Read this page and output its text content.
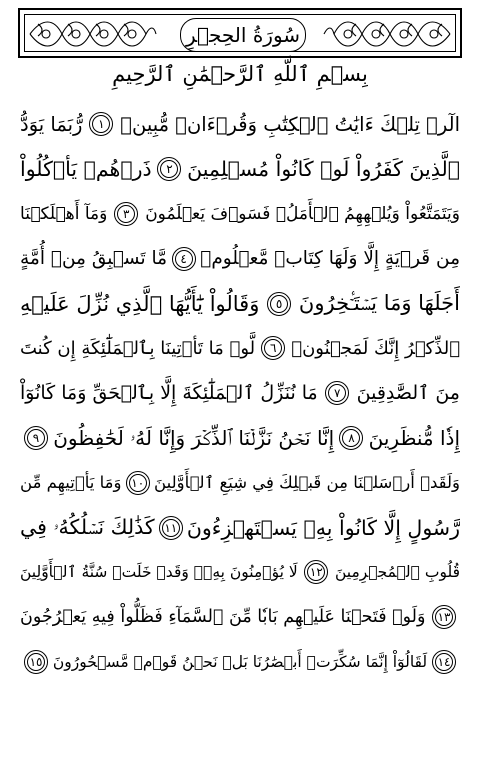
سُورَةُ الحِجۡرِ
بِسۡمِ ٱللَّهِ ٱلرَّحۡمَٰنِ ٱلرَّحِيمِ
الٓرۚ تِلۡكَ ءَايَٰتُ ٱلۡكِتَٰبِ وَقُرۡءَانٖ مُّبِينٖ
١
رُّبَمَا يَوَدُّ
ٱلَّذِينَ كَفَرُواْ لَوۡ كَانُواْ مُسۡلِمِينَ
٢
ذَرۡهُمۡ يَأۡكُلُواْ
وَيَتَمَتَّعُواْ وَيُلۡهِهِمُ ٱلۡأَمَلُۖ فَسَوۡفَ يَعۡلَمُونَ
٣
وَمَآ أَهۡلَكۡنَا
مِن قَرۡيَةٍ إِلَّا وَلَهَا كِتَابٞ مَّعۡلُومٞ
٤
مَّا تَسۡبِقُ مِنۡ أُمَّةٍ
أَجَلَهَا وَمَا يَسۡتَـٔۡخِرُونَ
٥
وَقَالُواْ يَٰٓأَيُّهَا ٱلَّذِي نُزِّلَ عَلَيۡهِ
ٱلذِّكۡرُ إِنَّكَ لَمَجۡنُونٞ
٦
لَّوۡ مَا تَأۡتِينَا بِٱلۡمَلَٰٓئِكَةِ إِن كُنتَ
مِنَ ٱلصَّٰدِقِينَ
٧
مَا نُنَزِّلُ ٱلۡمَلَٰٓئِكَةَ إِلَّا بِٱلۡحَقِّ وَمَا كَانُوٓاْ
إِذٗا مُّنظَرِينَ
٨
إِنَّا نَحۡنُ نَزَّلۡنَا ٱلذِّكۡرَ وَإِنَّا لَهُۥ لَحَٰفِظُونَ
٩
وَلَقَدۡ أَرۡسَلۡنَا مِن قَبۡلِكَ فِي شِيَعِ ٱلۡأَوَّلِينَ
١٠
وَمَا يَأۡتِيهِم مِّن
رَّسُولٍ إِلَّا كَانُواْ بِهِۦ يَسۡتَهۡزِءُونَ
١١
كَذَٰلِكَ نَسۡلُكُهُۥ فِي
قُلُوبِ ٱلۡمُجۡرِمِينَ
١٢
لَا يُؤۡمِنُونَ بِهِۦۖ وَقَدۡ خَلَتۡ سُنَّةُ ٱلۡأَوَّلِينَ
١٣
وَلَوۡ فَتَحۡنَا عَلَيۡهِم بَابٗا مِّنَ ٱلسَّمَآءِ فَظَلُّواْ فِيهِ يَعۡرُجُونَ
١٤
لَقَالُوٓاْ إِنَّمَا سُكِّرَتۡ أَبۡصَٰرُنَا بَلۡ نَحۡنُ قَوۡمٞ مَّسۡحُورُونَ
١٥
